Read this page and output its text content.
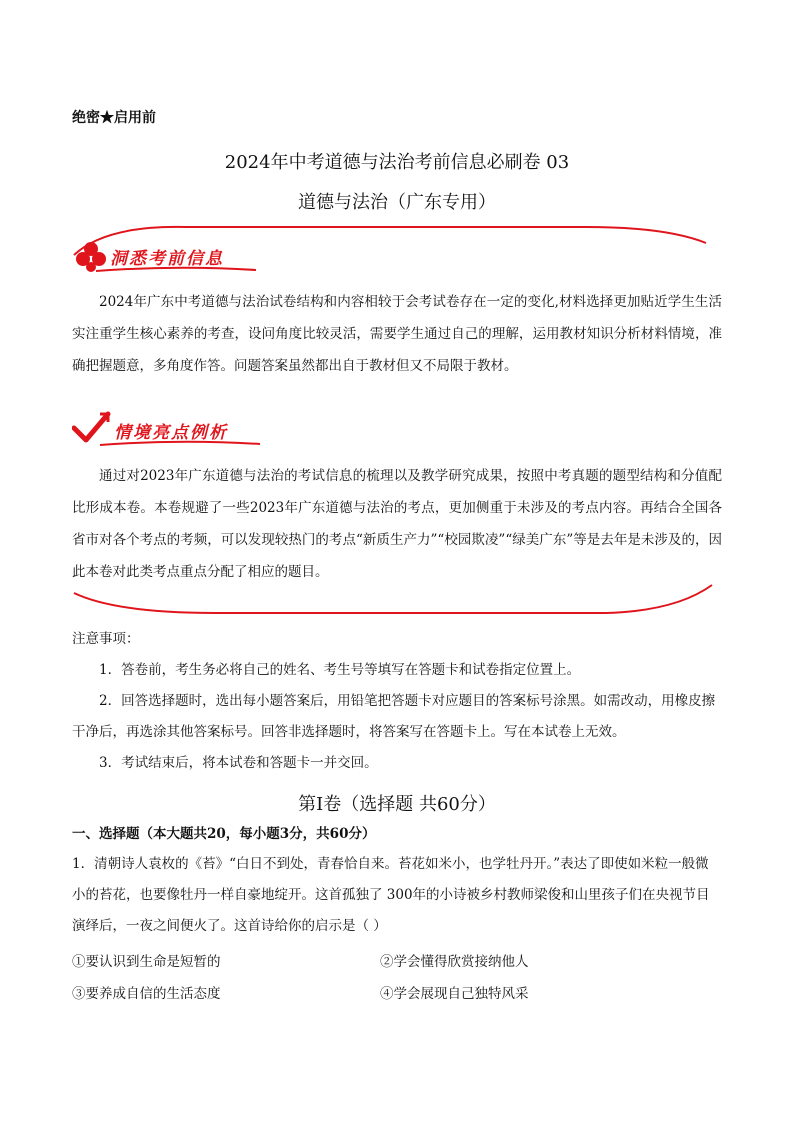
绝密★启用前
2024年中考道德与法治考前信息必刷卷 03
道德与法治（广东专用）
洞悉考前信息

2024年广东中考道德与法治试卷结构和内容相较于会考试卷存在一定的变化,材料选择更加贴近学生生活实注重学生核心素养的考查，设问角度比较灵活，需要学生通过自己的理解，运用教材知识分析材料情境，准确把握题意，多角度作答。问题答案虽然都出自于教材但又不局限于教材。

情境亮点例析

通过对2023年广东道德与法治的考试信息的梳理以及教学研究成果，按照中考真题的题型结构和分值配比形成本卷。本卷规避了一些2023年广东道德与法治的考点，更加侧重于未涉及的考点内容。再结合全国各省市对各个考点的考频，可以发现较热门的考点“新质生产力”“校园欺凌”“绿美广东”等是去年是未涉及的，因此本卷对此类考点重点分配了相应的题目。

注意事项：

1．答卷前，考生务必将自己的姓名、考生号等填写在答题卡和试卷指定位置上。

2．回答选择题时，选出每小题答案后，用铅笔把答题卡对应题目的答案标号涂黑。如需改动，用橡皮擦干净后，再选涂其他答案标号。回答非选择题时，将答案写在答题卡上。写在本试卷上无效。

3．考试结束后，将本试卷和答题卡一并交回。

第Ⅰ卷（选择题 共60分）
一、选择题（本大题共20，每小题3分，共60分）

1．清朝诗人袁枚的《苔》“白日不到处，青春恰自来。苔花如米小，也学牡丹开。”表达了即使如米粒一般微小的苔花，也要像牡丹一样自豪地绽开。这首孤独了 300年的小诗被乡村教师梁俊和山里孩子们在央视节目演绎后，一夜之间便火了。这首诗给你的启示是（ ）

①要认识到生命是短暂的	②学会懂得欣赏接纳他人
③要养成自信的生活态度	④学会展现自己独特风采
